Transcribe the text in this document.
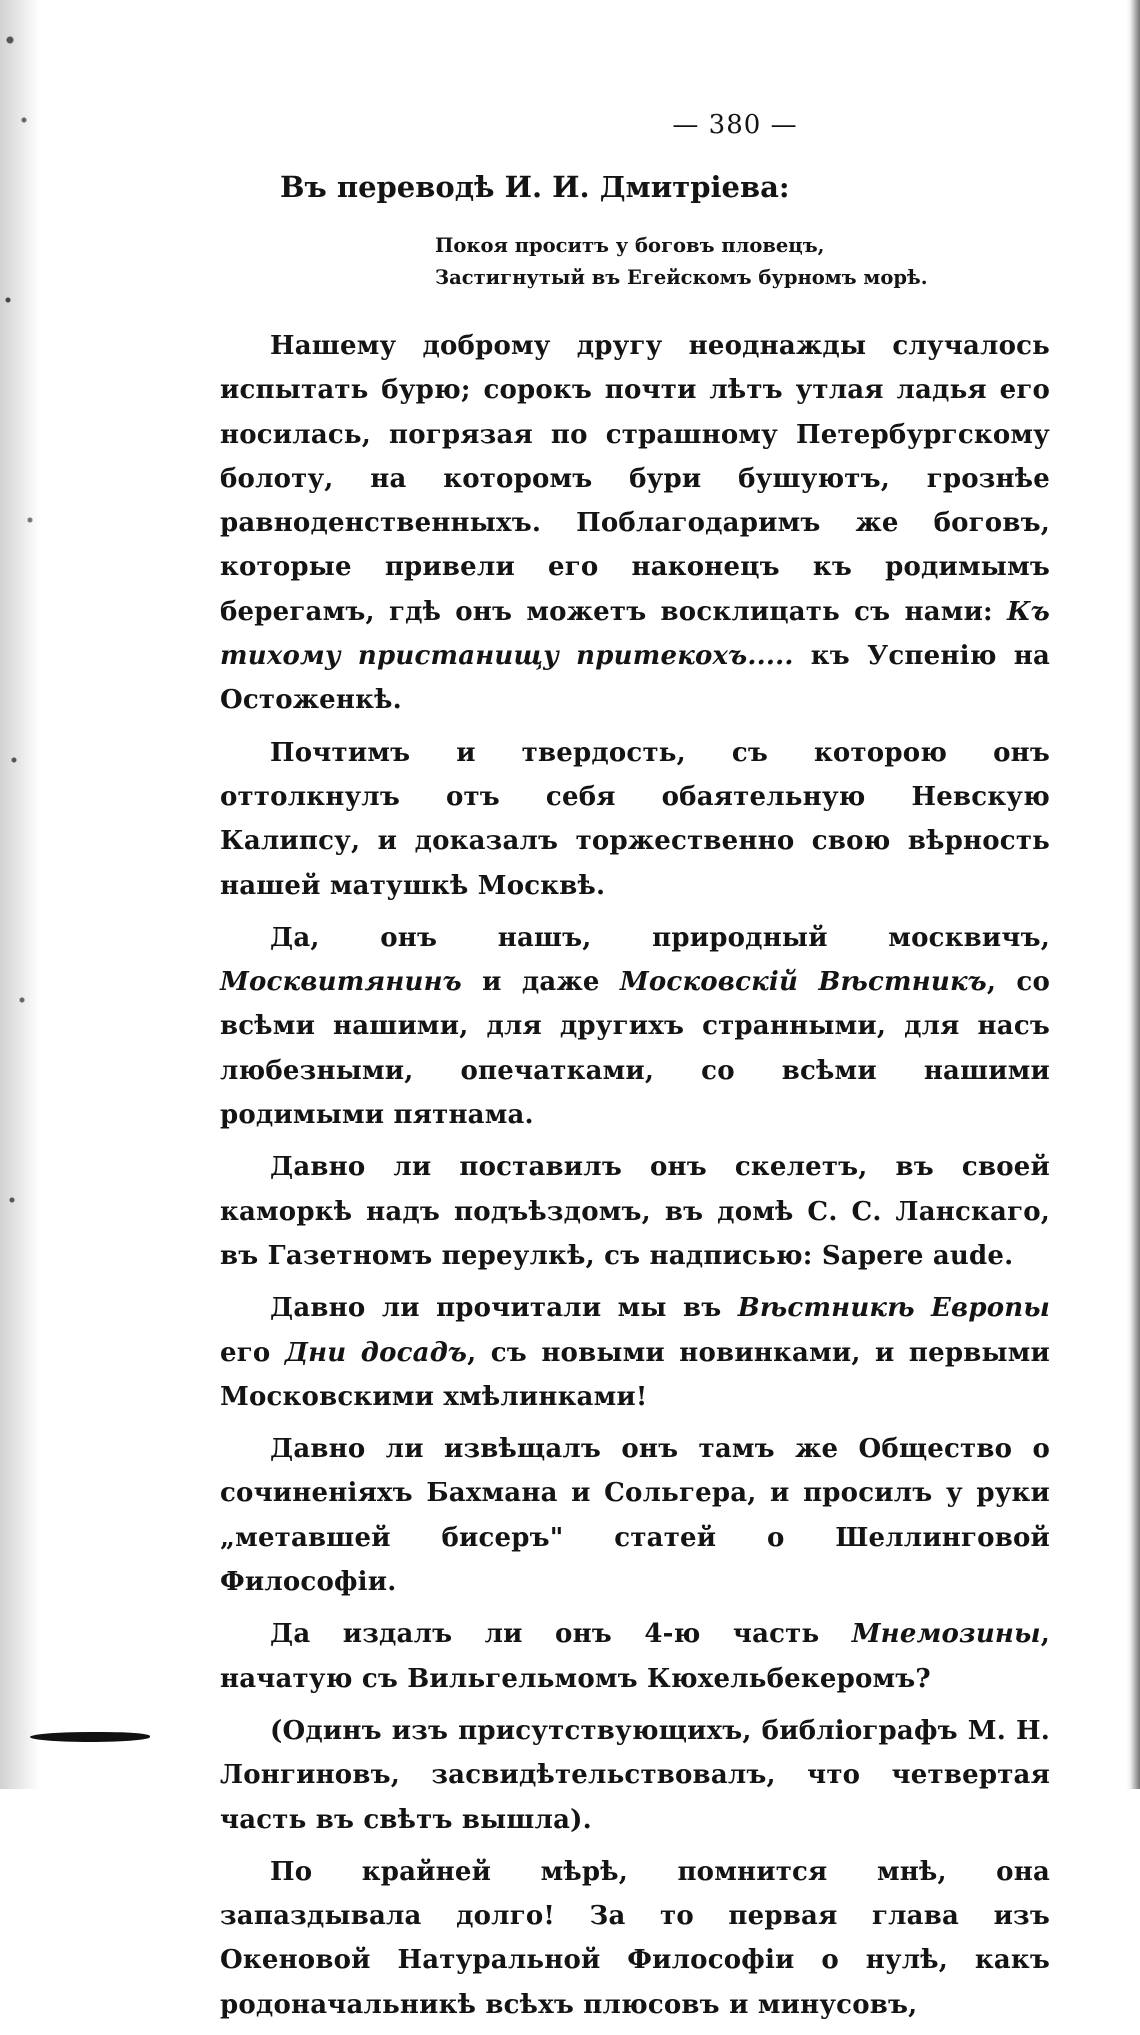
— 380 —
Въ переводѣ И. И. Дмитріева:
Покоя проситъ у боговъ пловецъ,
Застигнутый въ Егейскомъ бурномъ морѣ.

Нашему доброму другу неоднажды случалось испытать бурю; сорокъ почти лѣтъ утлая ладья его носилась, погрязая по страшному Петербургскому болоту, на которомъ бури бушуютъ, грознѣе равноденственныхъ. Поблагодаримъ же боговъ, которые привели его наконецъ къ родимымъ берегамъ, гдѣ онъ можетъ восклицать съ нами: Къ тихому пристанищу притекохъ..... къ Успенію на Остоженкѣ.

Почтимъ и твердость, съ которою онъ оттолкнулъ отъ себя обаятельную Невскую Калипсу, и доказалъ торжественно свою вѣрность нашей матушкѣ Москвѣ.

Да, онъ нашъ, природный москвичъ, Москвитянинъ и даже Московскій Вѣстникъ, со всѣми нашими, для другихъ странными, для насъ любезными, опечатками, со всѣми нашими родимыми пятнама.

Давно ли поставилъ онъ скелетъ, въ своей каморкѣ надъ подъѣздомъ, въ домѣ С. С. Ланскаго, въ Газетномъ переулкѣ, съ надписью: Sapere aude.

Давно ли прочитали мы въ Вѣстникѣ Европы его Дни досадъ, съ новыми новинками, и первыми Московскими хмѣлинками!

Давно ли извѣщалъ онъ тамъ же Общество о сочиненіяхъ Бахмана и Сольгера, и просилъ у руки „метавшей бисеръ" статей о Шеллинговой Философіи.

Да издалъ ли онъ 4-ю часть Мнемозины, начатую съ Вильгельмомъ Кюхельбекеромъ?

(Одинъ изъ присутствующихъ, библіографъ М. Н. Лонгиновъ, засвидѣтельствовалъ, что четвертая часть въ свѣтъ вышла).

По крайней мѣрѣ, помнится мнѣ, она запаздывала долго! За то первая глава изъ Океновой Натуральной Философіи о нулѣ, какъ родоначальникѣ всѣхъ плюсовъ и минусовъ,
